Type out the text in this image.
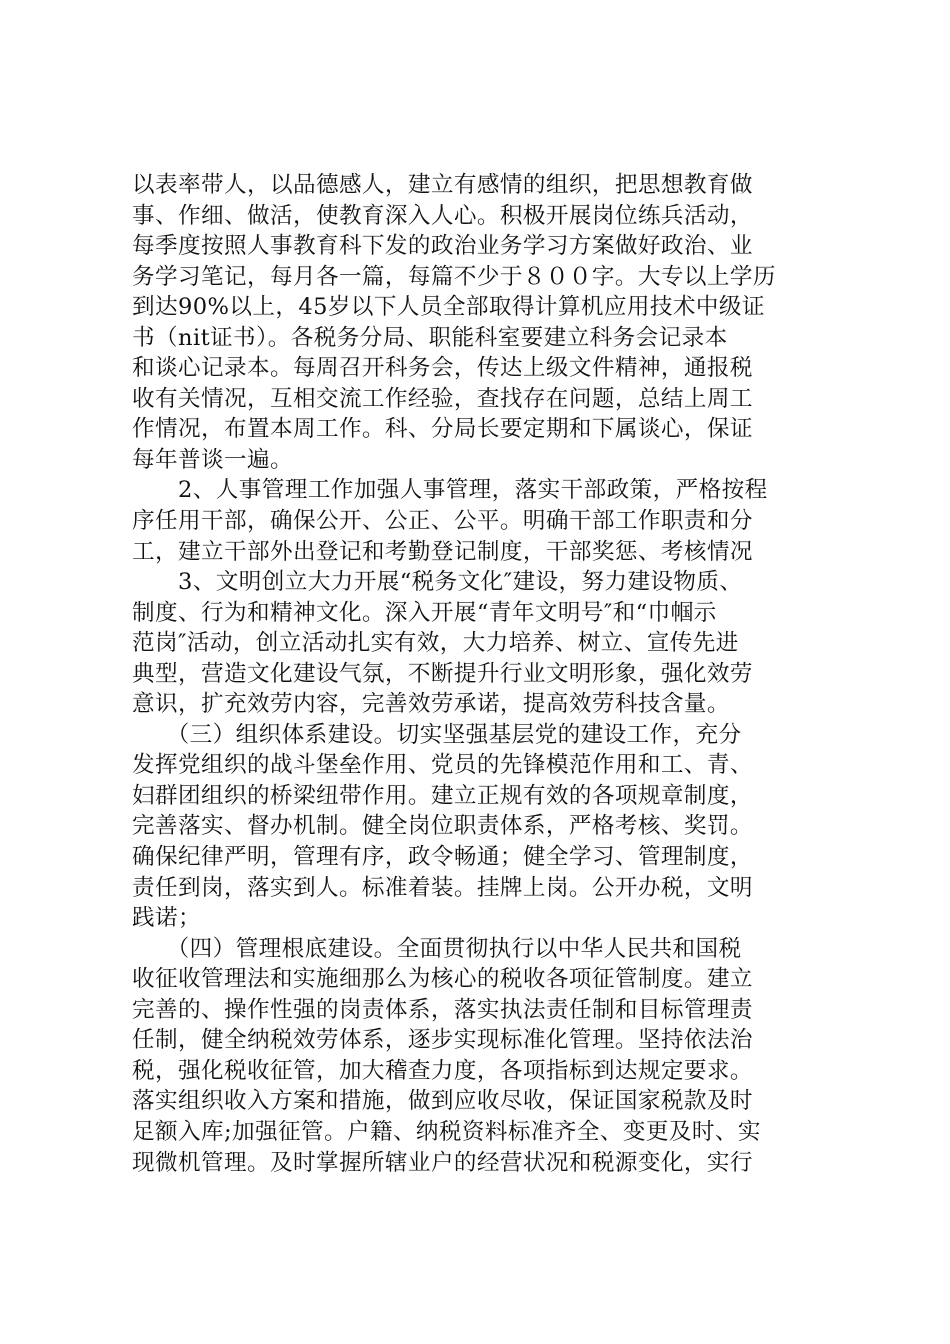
以表率带人，以品德感人，建立有感情的组织，把思想教育做
事、作细、做活，使教育深入人心。积极开展岗位练兵活动，
每季度按照人事教育科下发的政治业务学习方案做好政治、业
务学习笔记，每月各一篇，每篇不少于８００字。大专以上学历
到达90%以上，45岁以下人员全部取得计算机应用技术中级证
书（nit证书）。各税务分局、职能科室要建立科务会记录本
和谈心记录本。每周召开科务会，传达上级文件精神，通报税
收有关情况，互相交流工作经验，查找存在问题，总结上周工
作情况，布置本周工作。科、分局长要定期和下属谈心，保证
每年普谈一遍。
　　2、人事管理工作加强人事管理，落实干部政策，严格按程
序任用干部，确保公开、公正、公平。明确干部工作职责和分
工，建立干部外出登记和考勤登记制度，干部奖惩、考核情况
　　3、文明创立大力开展“税务文化″建设，努力建设物质、
制度、行为和精神文化。深入开展“青年文明号″和“巾帼示
范岗″活动，创立活动扎实有效，大力培养、树立、宣传先进
典型，营造文化建设气氛，不断提升行业文明形象，强化效劳
意识，扩充效劳内容，完善效劳承诺，提高效劳科技含量。
　　（三）组织体系建设。切实坚强基层党的建设工作，充分
发挥党组织的战斗堡垒作用、党员的先锋模范作用和工、青、
妇群团组织的桥梁纽带作用。建立正规有效的各项规章制度，
完善落实、督办机制。健全岗位职责体系，严格考核、奖罚。
确保纪律严明，管理有序，政令畅通；健全学习、管理制度，
责任到岗，落实到人。标准着装。挂牌上岗。公开办税，文明
践诺；
　　（四）管理根底建设。全面贯彻执行以中华人民共和国税
收征收管理法和实施细那么为核心的税收各项征管制度。建立
完善的、操作性强的岗责体系，落实执法责任制和目标管理责
任制，健全纳税效劳体系，逐步实现标准化管理。坚持依法治
税，强化税收征管，加大稽查力度，各项指标到达规定要求。
落实组织收入方案和措施，做到应收尽收，保证国家税款及时
足额入库;加强征管。户籍、纳税资料标准齐全、变更及时、实
现微机管理。及时掌握所辖业户的经营状况和税源变化，实行
